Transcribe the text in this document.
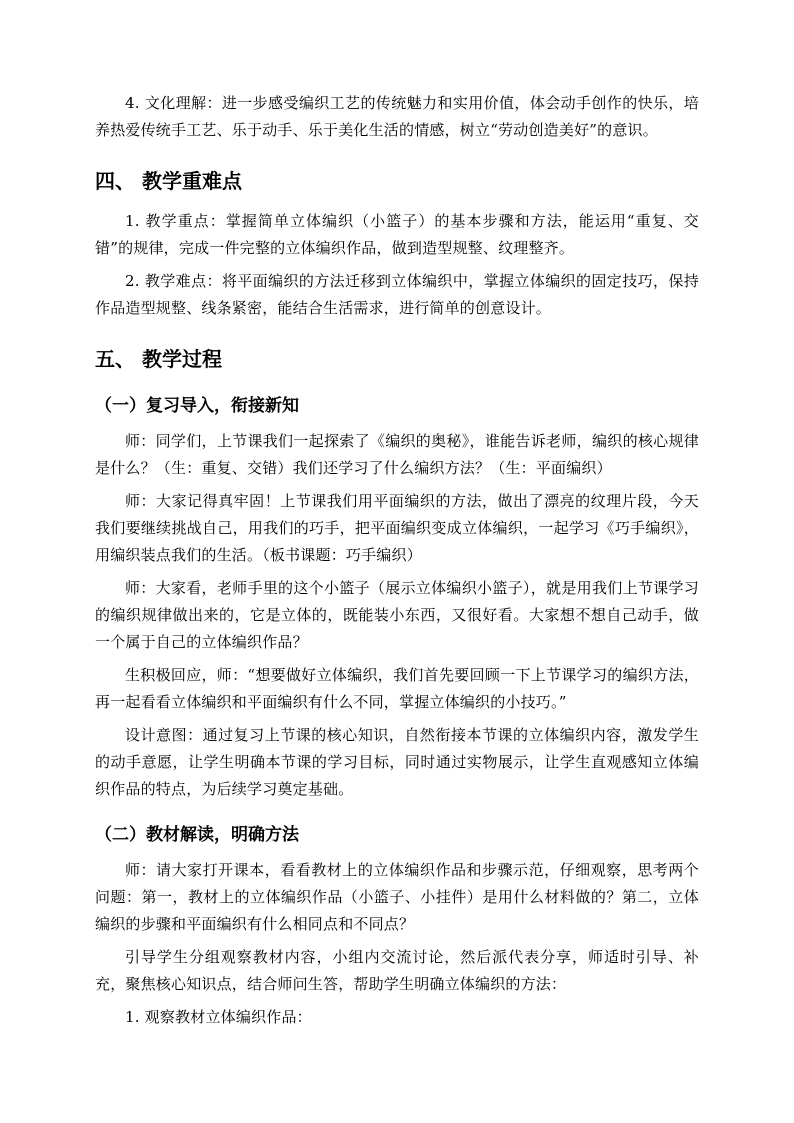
4. 文化理解：进一步感受编织工艺的传统魅力和实用价值，体会动手创作的快乐，培养热爱传统手工艺、乐于动手、乐于美化生活的情感，树立“劳动创造美好”的意识。

四、 教学重难点

1. 教学重点：掌握简单立体编织（小篮子）的基本步骤和方法，能运用“重复、交错”的规律，完成一件完整的立体编织作品，做到造型规整、纹理整齐。

2. 教学难点：将平面编织的方法迁移到立体编织中，掌握立体编织的固定技巧，保持作品造型规整、线条紧密，能结合生活需求，进行简单的创意设计。

五、 教学过程
（一）复习导入，衔接新知

师：同学们，上节课我们一起探索了《编织的奥秘》，谁能告诉老师，编织的核心规律是什么？（生：重复、交错）我们还学习了什么编织方法？（生：平面编织）

师：大家记得真牢固！上节课我们用平面编织的方法，做出了漂亮的纹理片段，今天我们要继续挑战自己，用我们的巧手，把平面编织变成立体编织，一起学习《巧手编织》，用编织装点我们的生活。（板书课题：巧手编织）

师：大家看，老师手里的这个小篮子（展示立体编织小篮子），就是用我们上节课学习的编织规律做出来的，它是立体的，既能装小东西，又很好看。大家想不想自己动手，做一个属于自己的立体编织作品？

生积极回应，师：“想要做好立体编织，我们首先要回顾一下上节课学习的编织方法，再一起看看立体编织和平面编织有什么不同，掌握立体编织的小技巧。”

设计意图：通过复习上节课的核心知识，自然衔接本节课的立体编织内容，激发学生的动手意愿，让学生明确本节课的学习目标，同时通过实物展示，让学生直观感知立体编织作品的特点，为后续学习奠定基础。

（二）教材解读，明确方法

师：请大家打开课本，看看教材上的立体编织作品和步骤示范，仔细观察，思考两个问题：第一，教材上的立体编织作品（小篮子、小挂件）是用什么材料做的？第二，立体编织的步骤和平面编织有什么相同点和不同点？

引导学生分组观察教材内容，小组内交流讨论，然后派代表分享，师适时引导、补充，聚焦核心知识点，结合师问生答，帮助学生明确立体编织的方法：

1. 观察教材立体编织作品：
